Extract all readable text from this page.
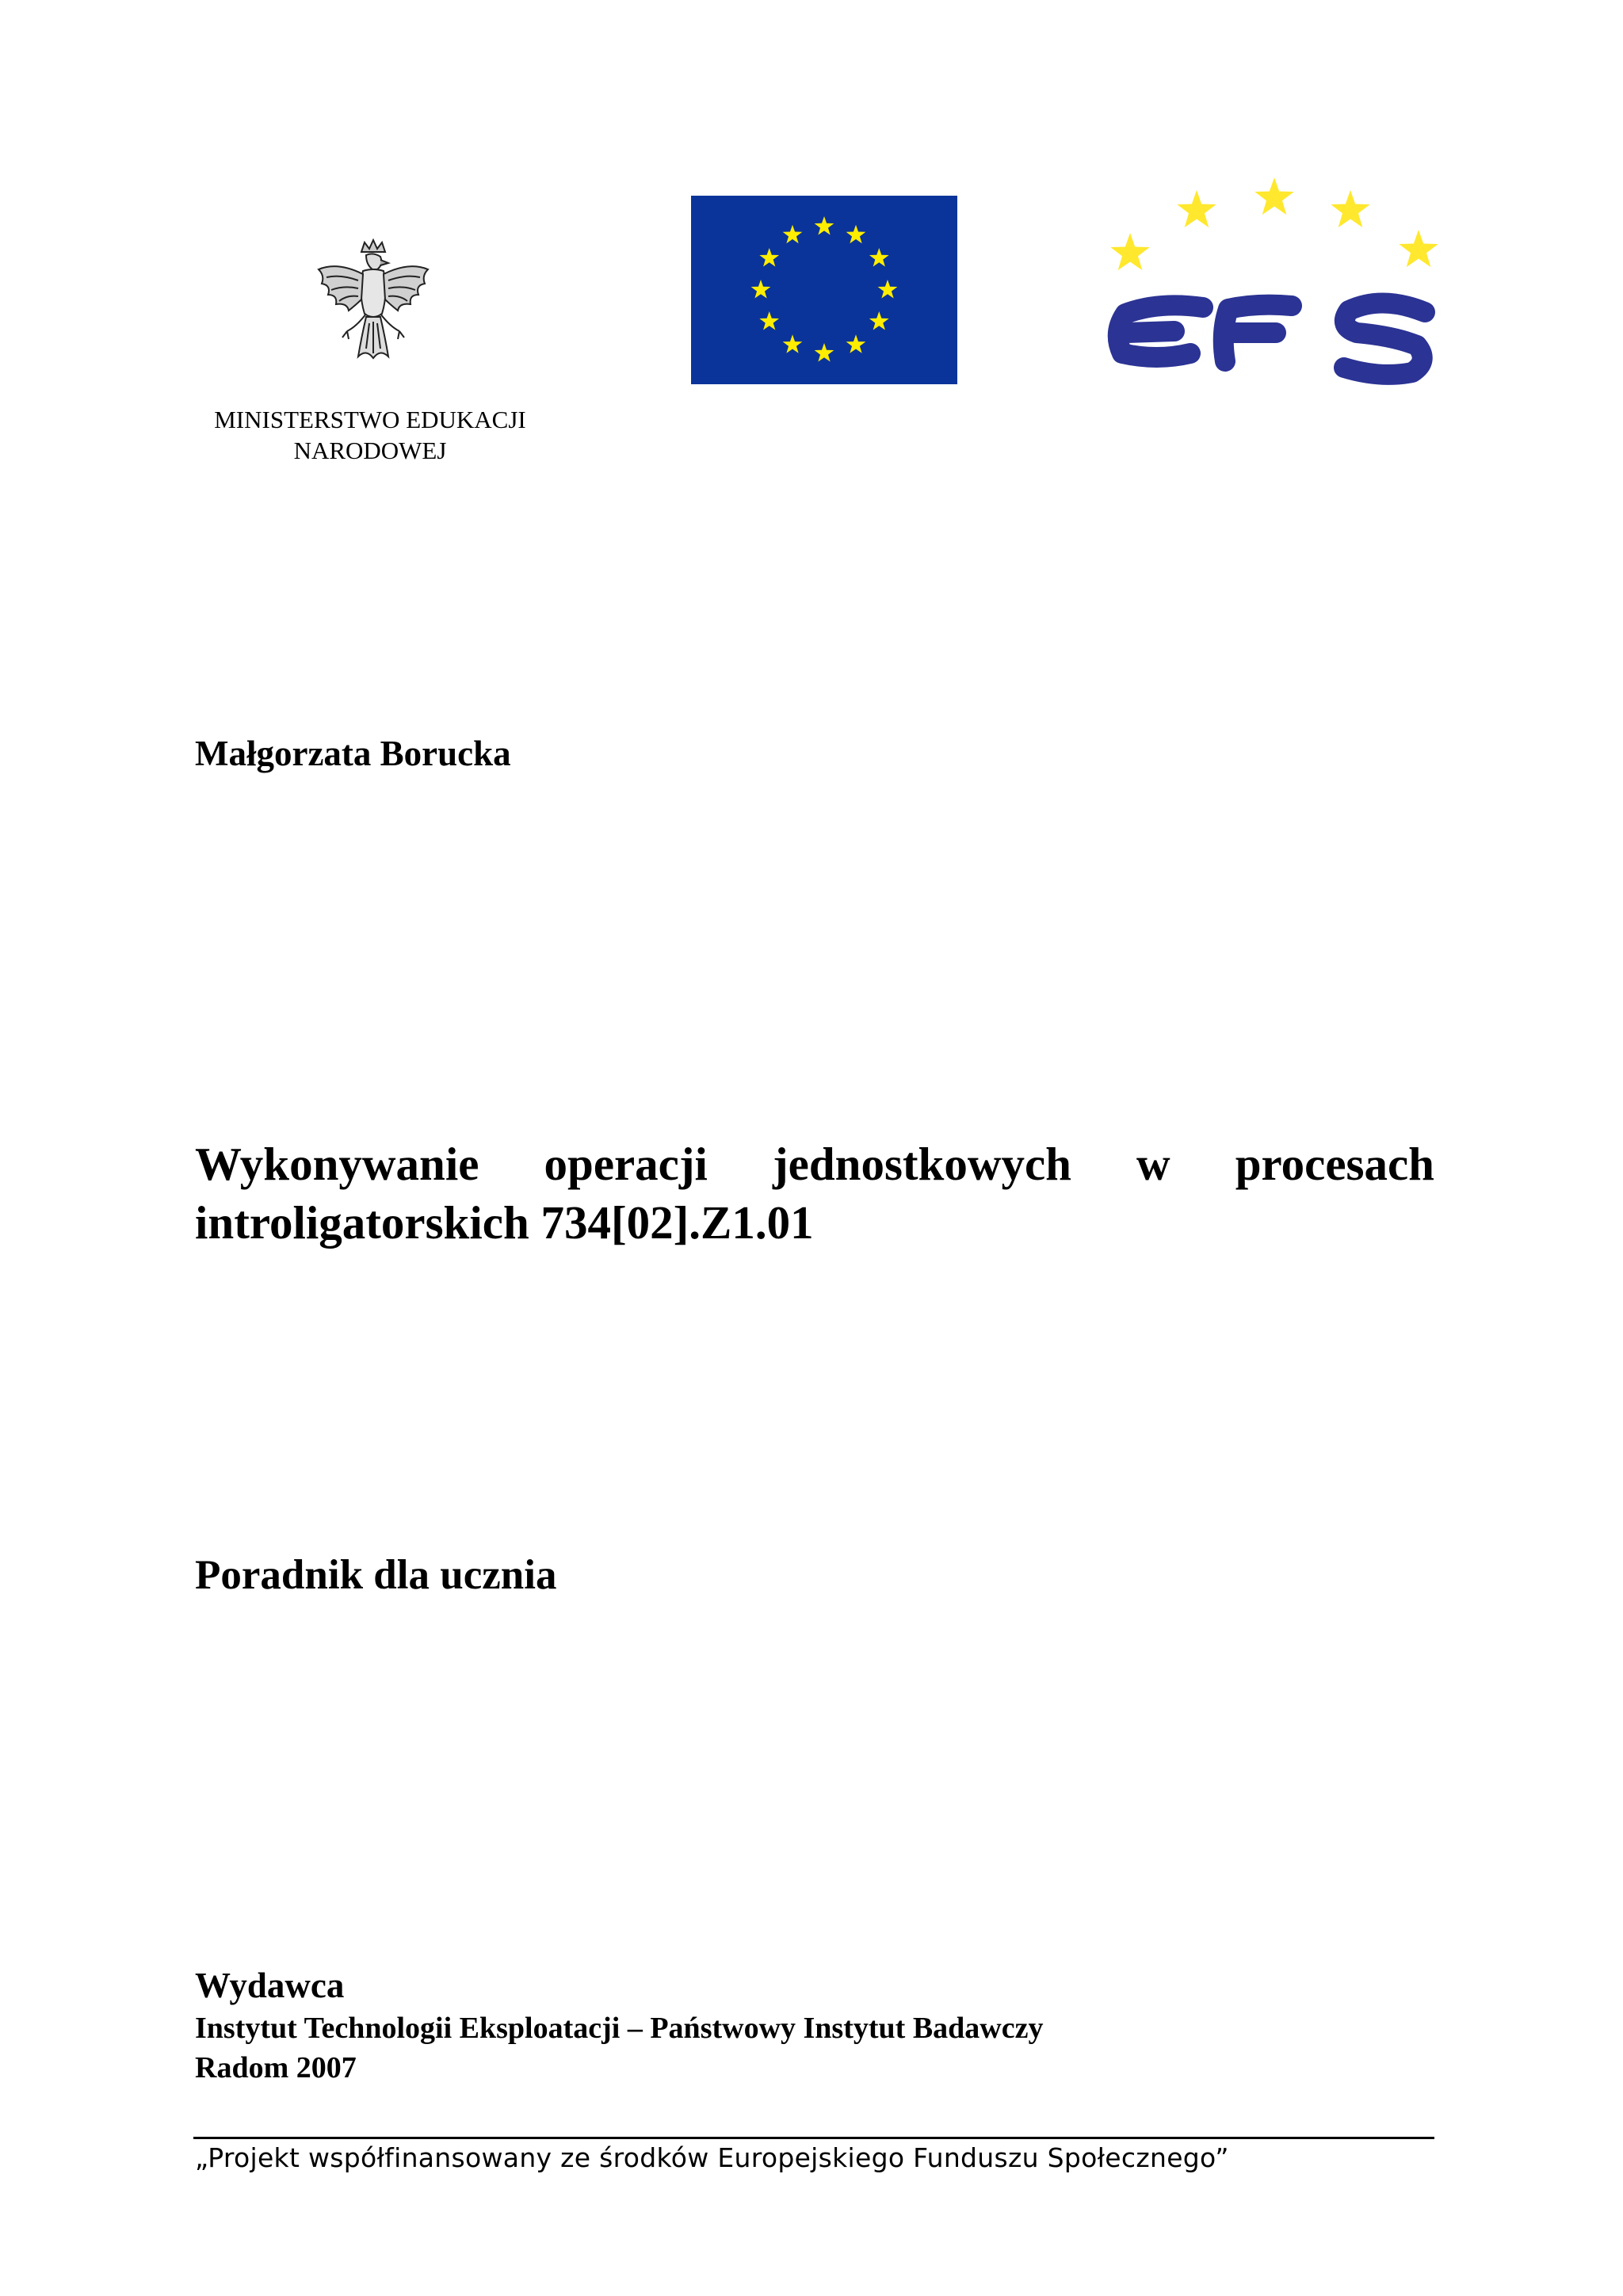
MINISTERSTWO EDUKACJI
NARODOWEJ
Małgorzata Borucka
Wykonywanie operacji jednostkowych w procesach
introligatorskich 734[02].Z1.01
Poradnik dla ucznia
Wydawca
Instytut Technologii Eksploatacji – Państwowy Instytut Badawczy
Radom 2007
„Projekt współfinansowany ze środków Europejskiego Funduszu Społecznego”
